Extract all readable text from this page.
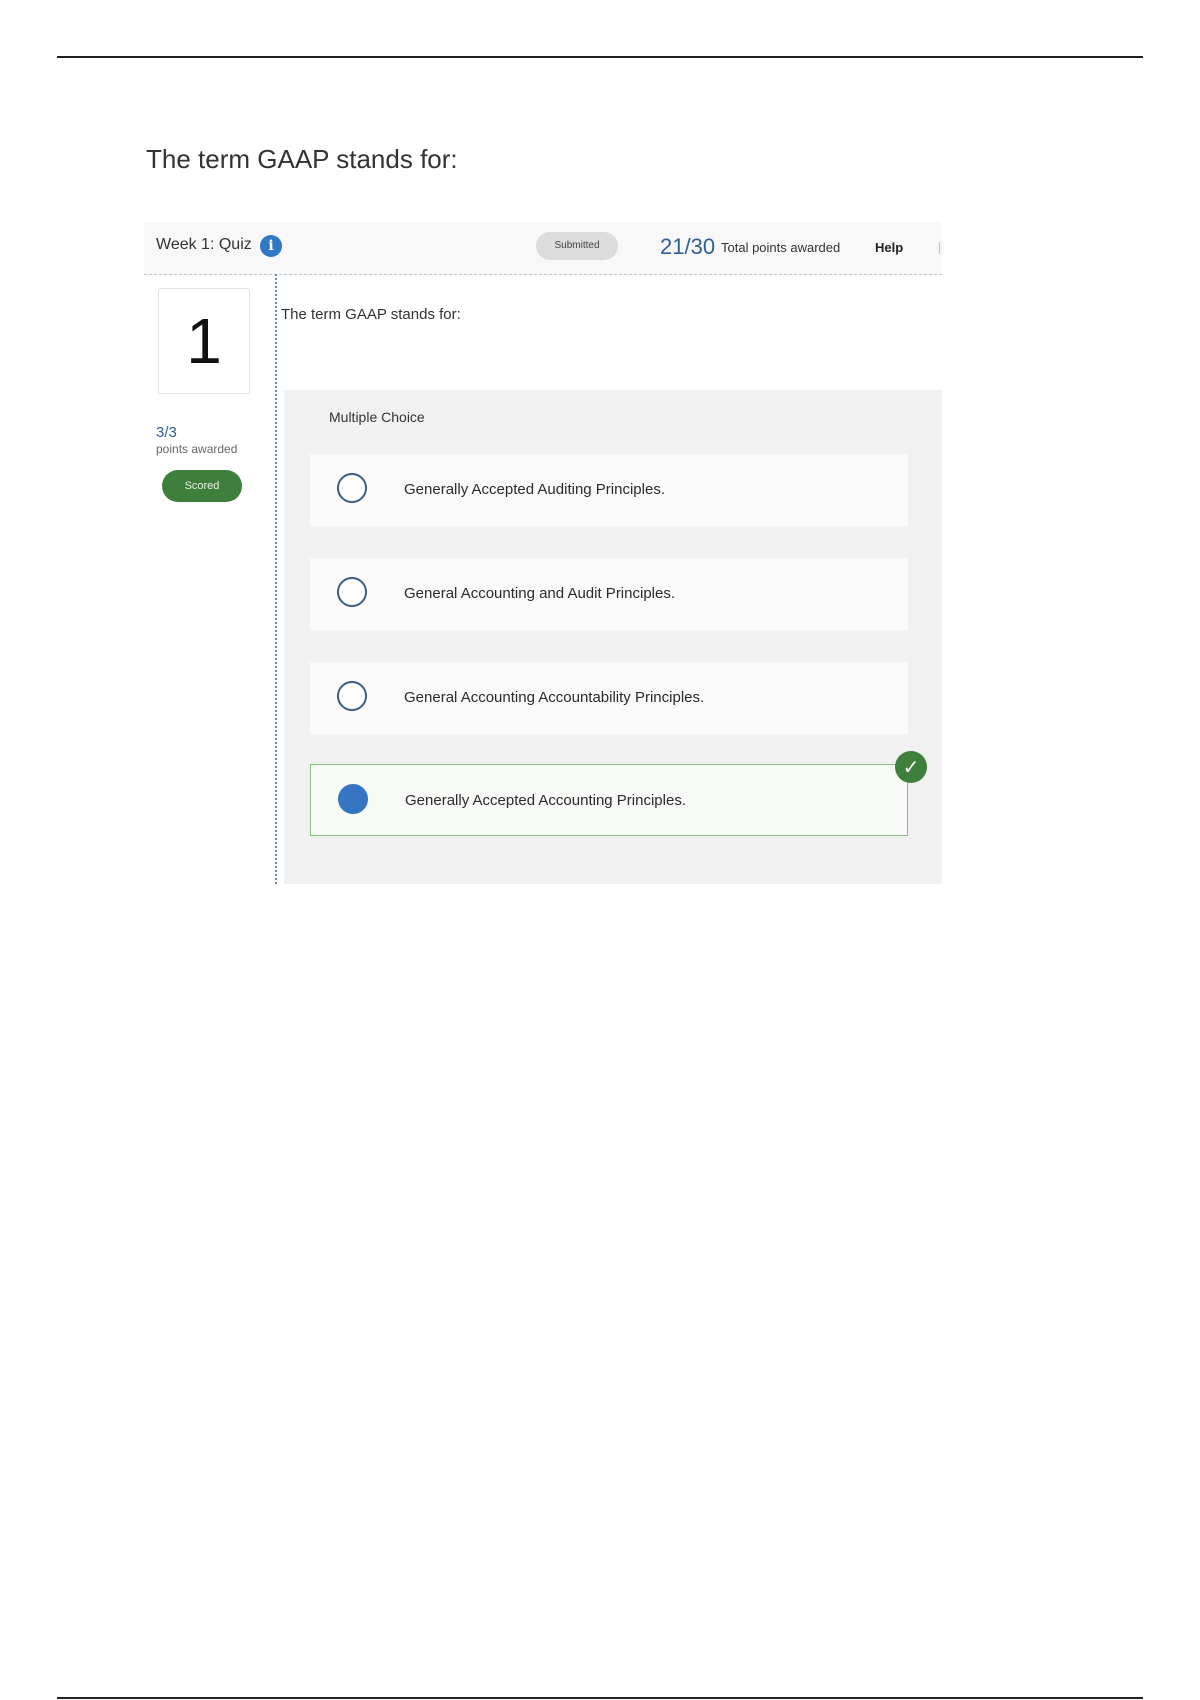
The term GAAP stands for:
Week 1: Quiz	i	Submitted	21/30 Total points awarded	Help
1
3/3
points awarded
Scored
The term GAAP stands for:
Multiple Choice
Generally Accepted Auditing Principles.
General Accounting and Audit Principles.
General Accounting Accountability Principles.
Generally Accepted Accounting Principles.
✓
